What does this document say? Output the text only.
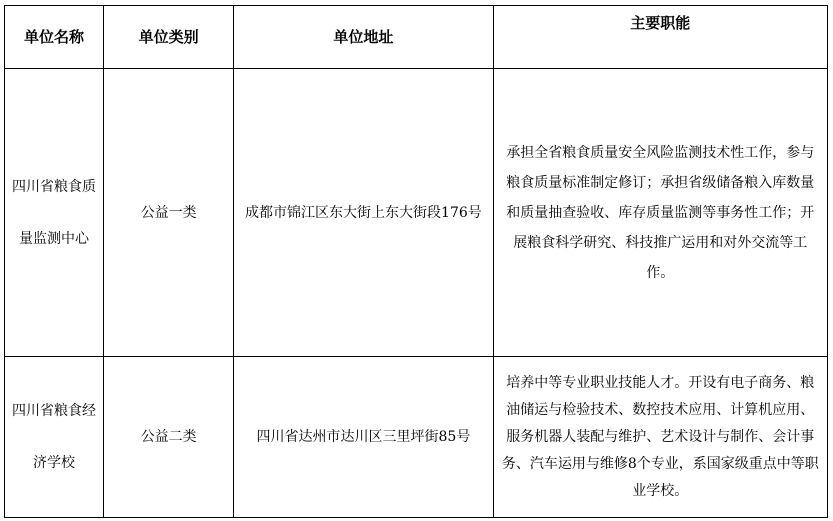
单位名称	单位类别	单位地址	主要职能

四川省粮食质量监测中心	公益一类	成都市锦江区东大街上东大街段176号	承担全省粮食质量安全风险监测技术性工作，参与粮食质量标准制定修订；承担省级储备粮入库数量和质量抽查验收、库存质量监测等事务性工作；开展粮食科学研究、科技推广运用和对外交流等工作。

四川省粮食经济学校	公益二类	四川省达州市达川区三里坪街85号	培养中等专业职业技能人才。开设有电子商务、粮油储运与检验技术、数控技术应用、计算机应用、服务机器人装配与维护、艺术设计与制作、会计事务、汽车运用与维修8个专业，系国家级重点中等职业学校。
